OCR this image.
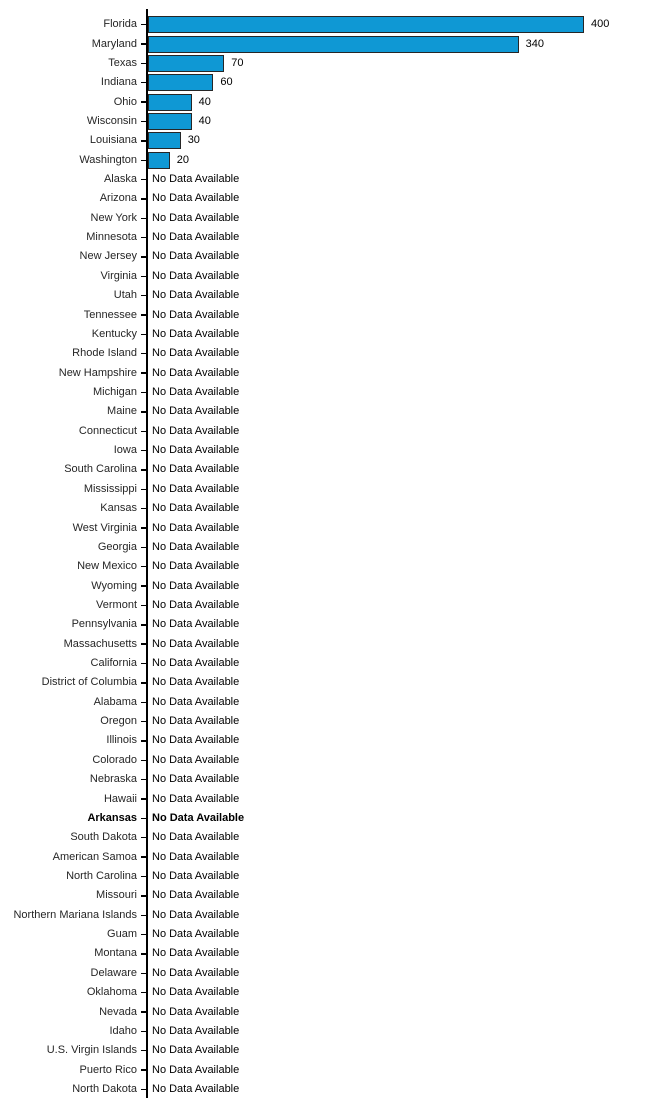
Florida	400
Maryland	340
Texas	70
Indiana	60
Ohio	40
Wisconsin	40
Louisiana	30
Washington	20
Alaska No Data Available
Arizona No Data Available
New York No Data Available
Minnesota No Data Available
New Jersey No Data Available
Virginia No Data Available
Utah No Data Available
Tennessee No Data Available
Kentucky No Data Available
Rhode Island No Data Available
New Hampshire No Data Available
Michigan No Data Available
Maine No Data Available
Connecticut No Data Available
Iowa No Data Available
South Carolina No Data Available
Mississippi No Data Available
Kansas No Data Available
West Virginia No Data Available
Georgia No Data Available
New Mexico No Data Available
Wyoming No Data Available
Vermont No Data Available
Pennsylvania No Data Available
Massachusetts No Data Available
California No Data Available
District of Columbia No Data Available
Alabama No Data Available
Oregon No Data Available
Illinois No Data Available
Colorado No Data Available
Nebraska No Data Available
Hawaii No Data Available
Arkansas No Data Available
South Dakota No Data Available
American Samoa No Data Available
North Carolina No Data Available
Missouri No Data Available
Northern Mariana Islands No Data Available
Guam No Data Available
Montana No Data Available
Delaware No Data Available
Oklahoma No Data Available
Nevada No Data Available
Idaho No Data Available
U.S. Virgin Islands No Data Available
Puerto Rico No Data Available
North Dakota No Data Available
